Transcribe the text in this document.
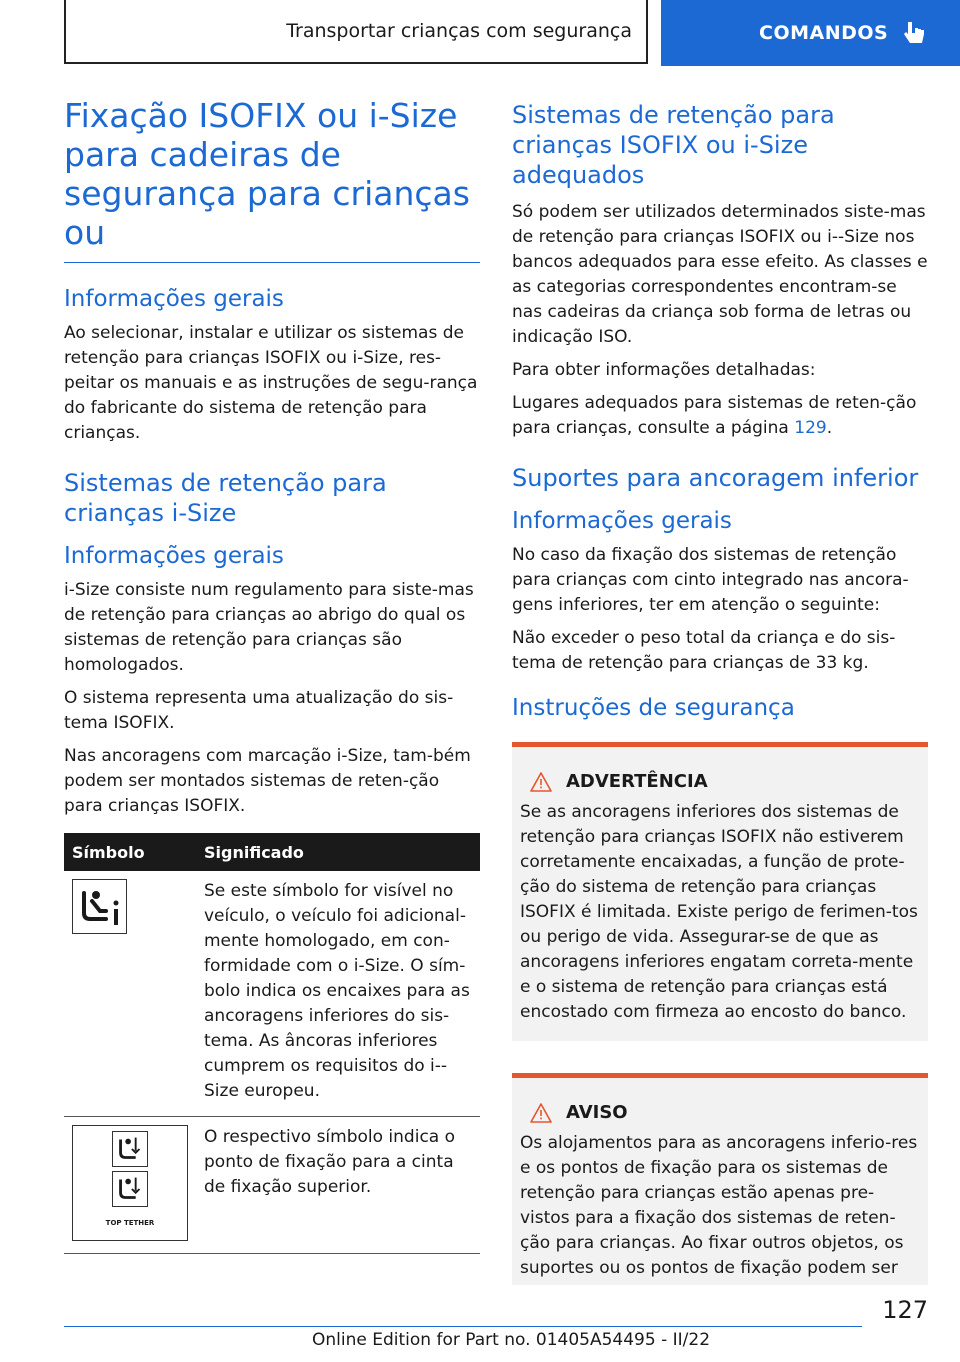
Transportar crianças com segurança	COMANDOS
Fixação ISOFIX ou i-Size para cadeiras de segurança para crianças ou
Informações gerais

Ao selecionar, instalar e utilizar os sistemas de retenção para crianças ISOFIX ou i-Size, res-peitar os manuais e as instruções de segu-rança do fabricante do sistema de retenção para crianças.

Sistemas de retenção para crianças i-Size
Informações gerais

i-Size consiste num regulamento para siste-mas de retenção para crianças ao abrigo do qual os sistemas de retenção para crianças são homologados.

O sistema representa uma atualização do sis-tema ISOFIX.

Nas ancoragens com marcação i-Size, tam-bém podem ser montados sistemas de reten-ção para crianças ISOFIX.

Símbolo	Significado

	Se este símbolo for visível no veículo, o veículo foi adicional-mente homologado, em con-formidade com o i-Size. O sím-bolo indica os encaixes para as ancoragens inferiores do sis-tema. As âncoras inferiores cumprem os requisitos do i--Size europeu.

TOP TETHER	O respectivo símbolo indica o ponto de fixação para a cinta de fixação superior.
Sistemas de retenção para crianças ISOFIX ou i-Size adequados

Só podem ser utilizados determinados siste-mas de retenção para crianças ISOFIX ou i--Size nos bancos adequados para esse efeito. As classes e as categorias correspondentes encontram-se nas cadeiras da criança sob forma de letras ou indicação ISO.

Para obter informações detalhadas:

Lugares adequados para sistemas de reten-ção para crianças, consulte a página 129.

Suportes para ancoragem inferior
Informações gerais

No caso da fixação dos sistemas de retenção para crianças com cinto integrado nas ancora-gens inferiores, ter em atenção o seguinte:

Não exceder o peso total da criança e do sis-tema de retenção para crianças de 33 kg.

Instruções de segurança
ADVERTÊNCIA

Se as ancoragens inferiores dos sistemas de retenção para crianças ISOFIX não estiverem corretamente encaixadas, a função de prote-ção do sistema de retenção para crianças ISOFIX é limitada. Existe perigo de ferimen-tos ou perigo de vida. Assegurar-se de que as ancoragens inferiores engatam correta-mente e o sistema de retenção para crianças está encostado com firmeza ao encosto do banco.

AVISO

Os alojamentos para as ancoragens inferio-res e os pontos de fixação para os sistemas de retenção para crianças estão apenas pre-vistos para a fixação dos sistemas de reten-ção para crianças. Ao fixar outros objetos, os suportes ou os pontos de fixação podem ser

127
Online Edition for Part no. 01405A54495 - II/22
